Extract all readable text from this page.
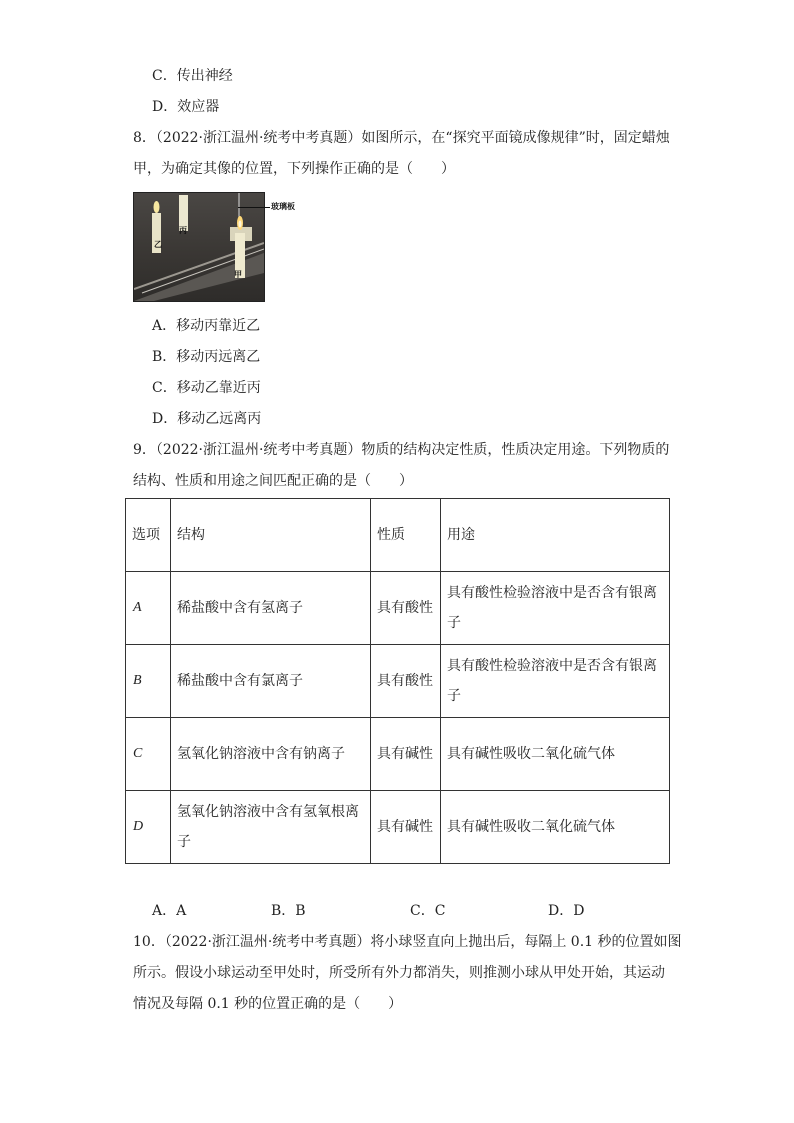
C．传出神经
D．效应器
8．（2022·浙江温州·统考中考真题）如图所示，在“探究平面镜成像规律”时，固定蜡烛
甲，为确定其像的位置，下列操作正确的是（　　）
乙
丙
甲
玻璃板
A．移动丙靠近乙
B．移动丙远离乙
C．移动乙靠近丙
D．移动乙远离丙
9．（2022·浙江温州·统考中考真题）物质的结构决定性质，性质决定用途。下列物质的
结构、性质和用途之间匹配正确的是（　　）
选项	结构	性质	用途
A	稀盐酸中含有氢离子	具有酸性	具有酸性检验溶液中是否含有银离子
B	稀盐酸中含有氯离子	具有酸性	具有酸性检验溶液中是否含有银离子
C	氢氧化钠溶液中含有钠离子	具有碱性	具有碱性吸收二氧化硫气体
D	氢氧化钠溶液中含有氢氧根离子	具有碱性	具有碱性吸收二氧化硫气体
A．A	B．B	C．C	D．D
10．（2022·浙江温州·统考中考真题）将小球竖直向上抛出后，每隔上 0.1 秒的位置如图
所示。假设小球运动至甲处时，所受所有外力都消失，则推测小球从甲处开始，其运动
情况及每隔 0.1 秒的位置正确的是（　　）
